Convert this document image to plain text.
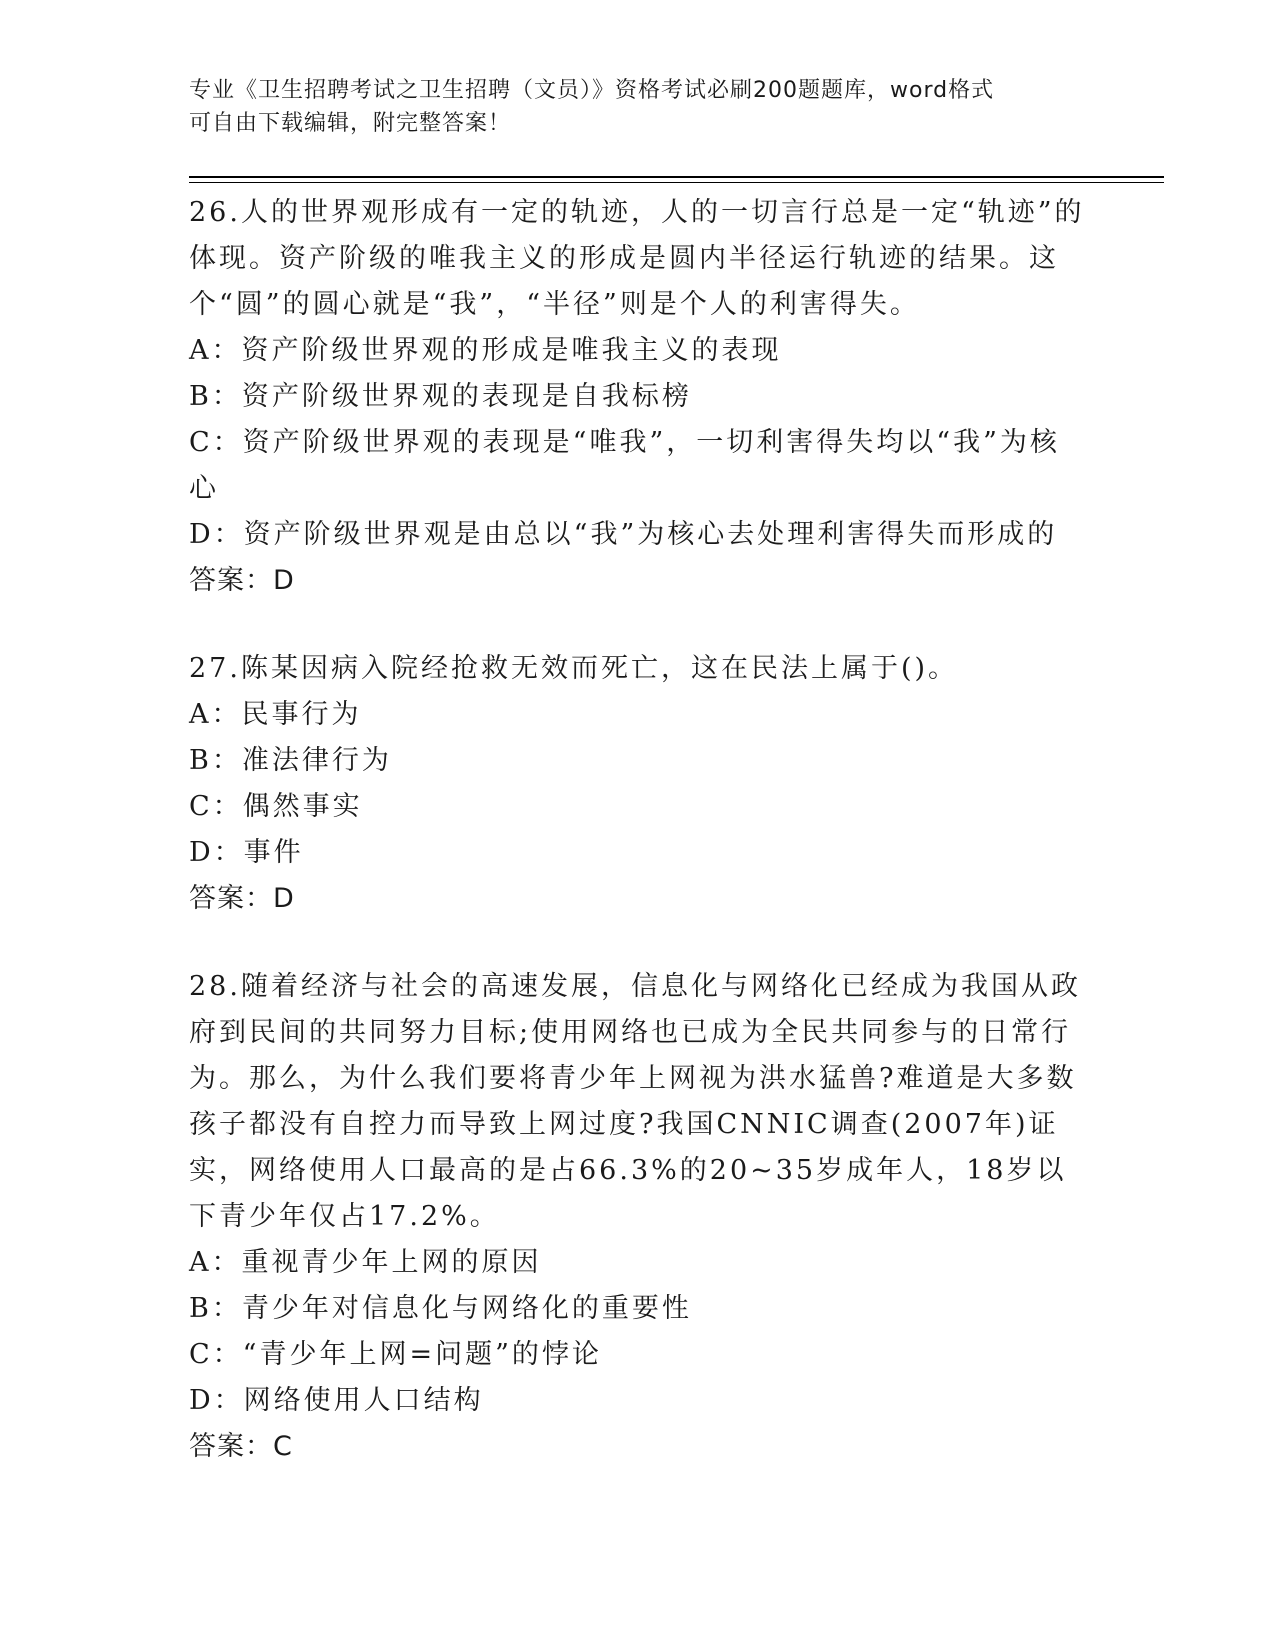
专业《卫生招聘考试之卫生招聘（文员）》资格考试必刷200题题库，word格式
可自由下载编辑，附完整答案！

26.人的世界观形成有一定的轨迹，人的一切言行总是一定“轨迹”的体现。资产阶级的唯我主义的形成是圆内半径运行轨迹的结果。这个“圆”的圆心就是“我”，“半径”则是个人的利害得失。

A：资产阶级世界观的形成是唯我主义的表现

B：资产阶级世界观的表现是自我标榜

C：资产阶级世界观的表现是“唯我”，一切利害得失均以“我”为核心

D：资产阶级世界观是由总以“我”为核心去处理利害得失而形成的

答案：D

27.陈某因病入院经抢救无效而死亡，这在民法上属于()。

A：民事行为

B：准法律行为

C：偶然事实

D：事件

答案：D

28.随着经济与社会的高速发展，信息化与网络化已经成为我国从政府到民间的共同努力目标;使用网络也已成为全民共同参与的日常行为。那么，为什么我们要将青少年上网视为洪水猛兽?难道是大多数孩子都没有自控力而导致上网过度?我国CNNIC调查(2007年)证实，网络使用人口最高的是占66.3%的20~35岁成年人，18岁以下青少年仅占17.2%。

A：重视青少年上网的原因

B：青少年对信息化与网络化的重要性

C：“青少年上网=问题”的悖论

D：网络使用人口结构

答案：C
